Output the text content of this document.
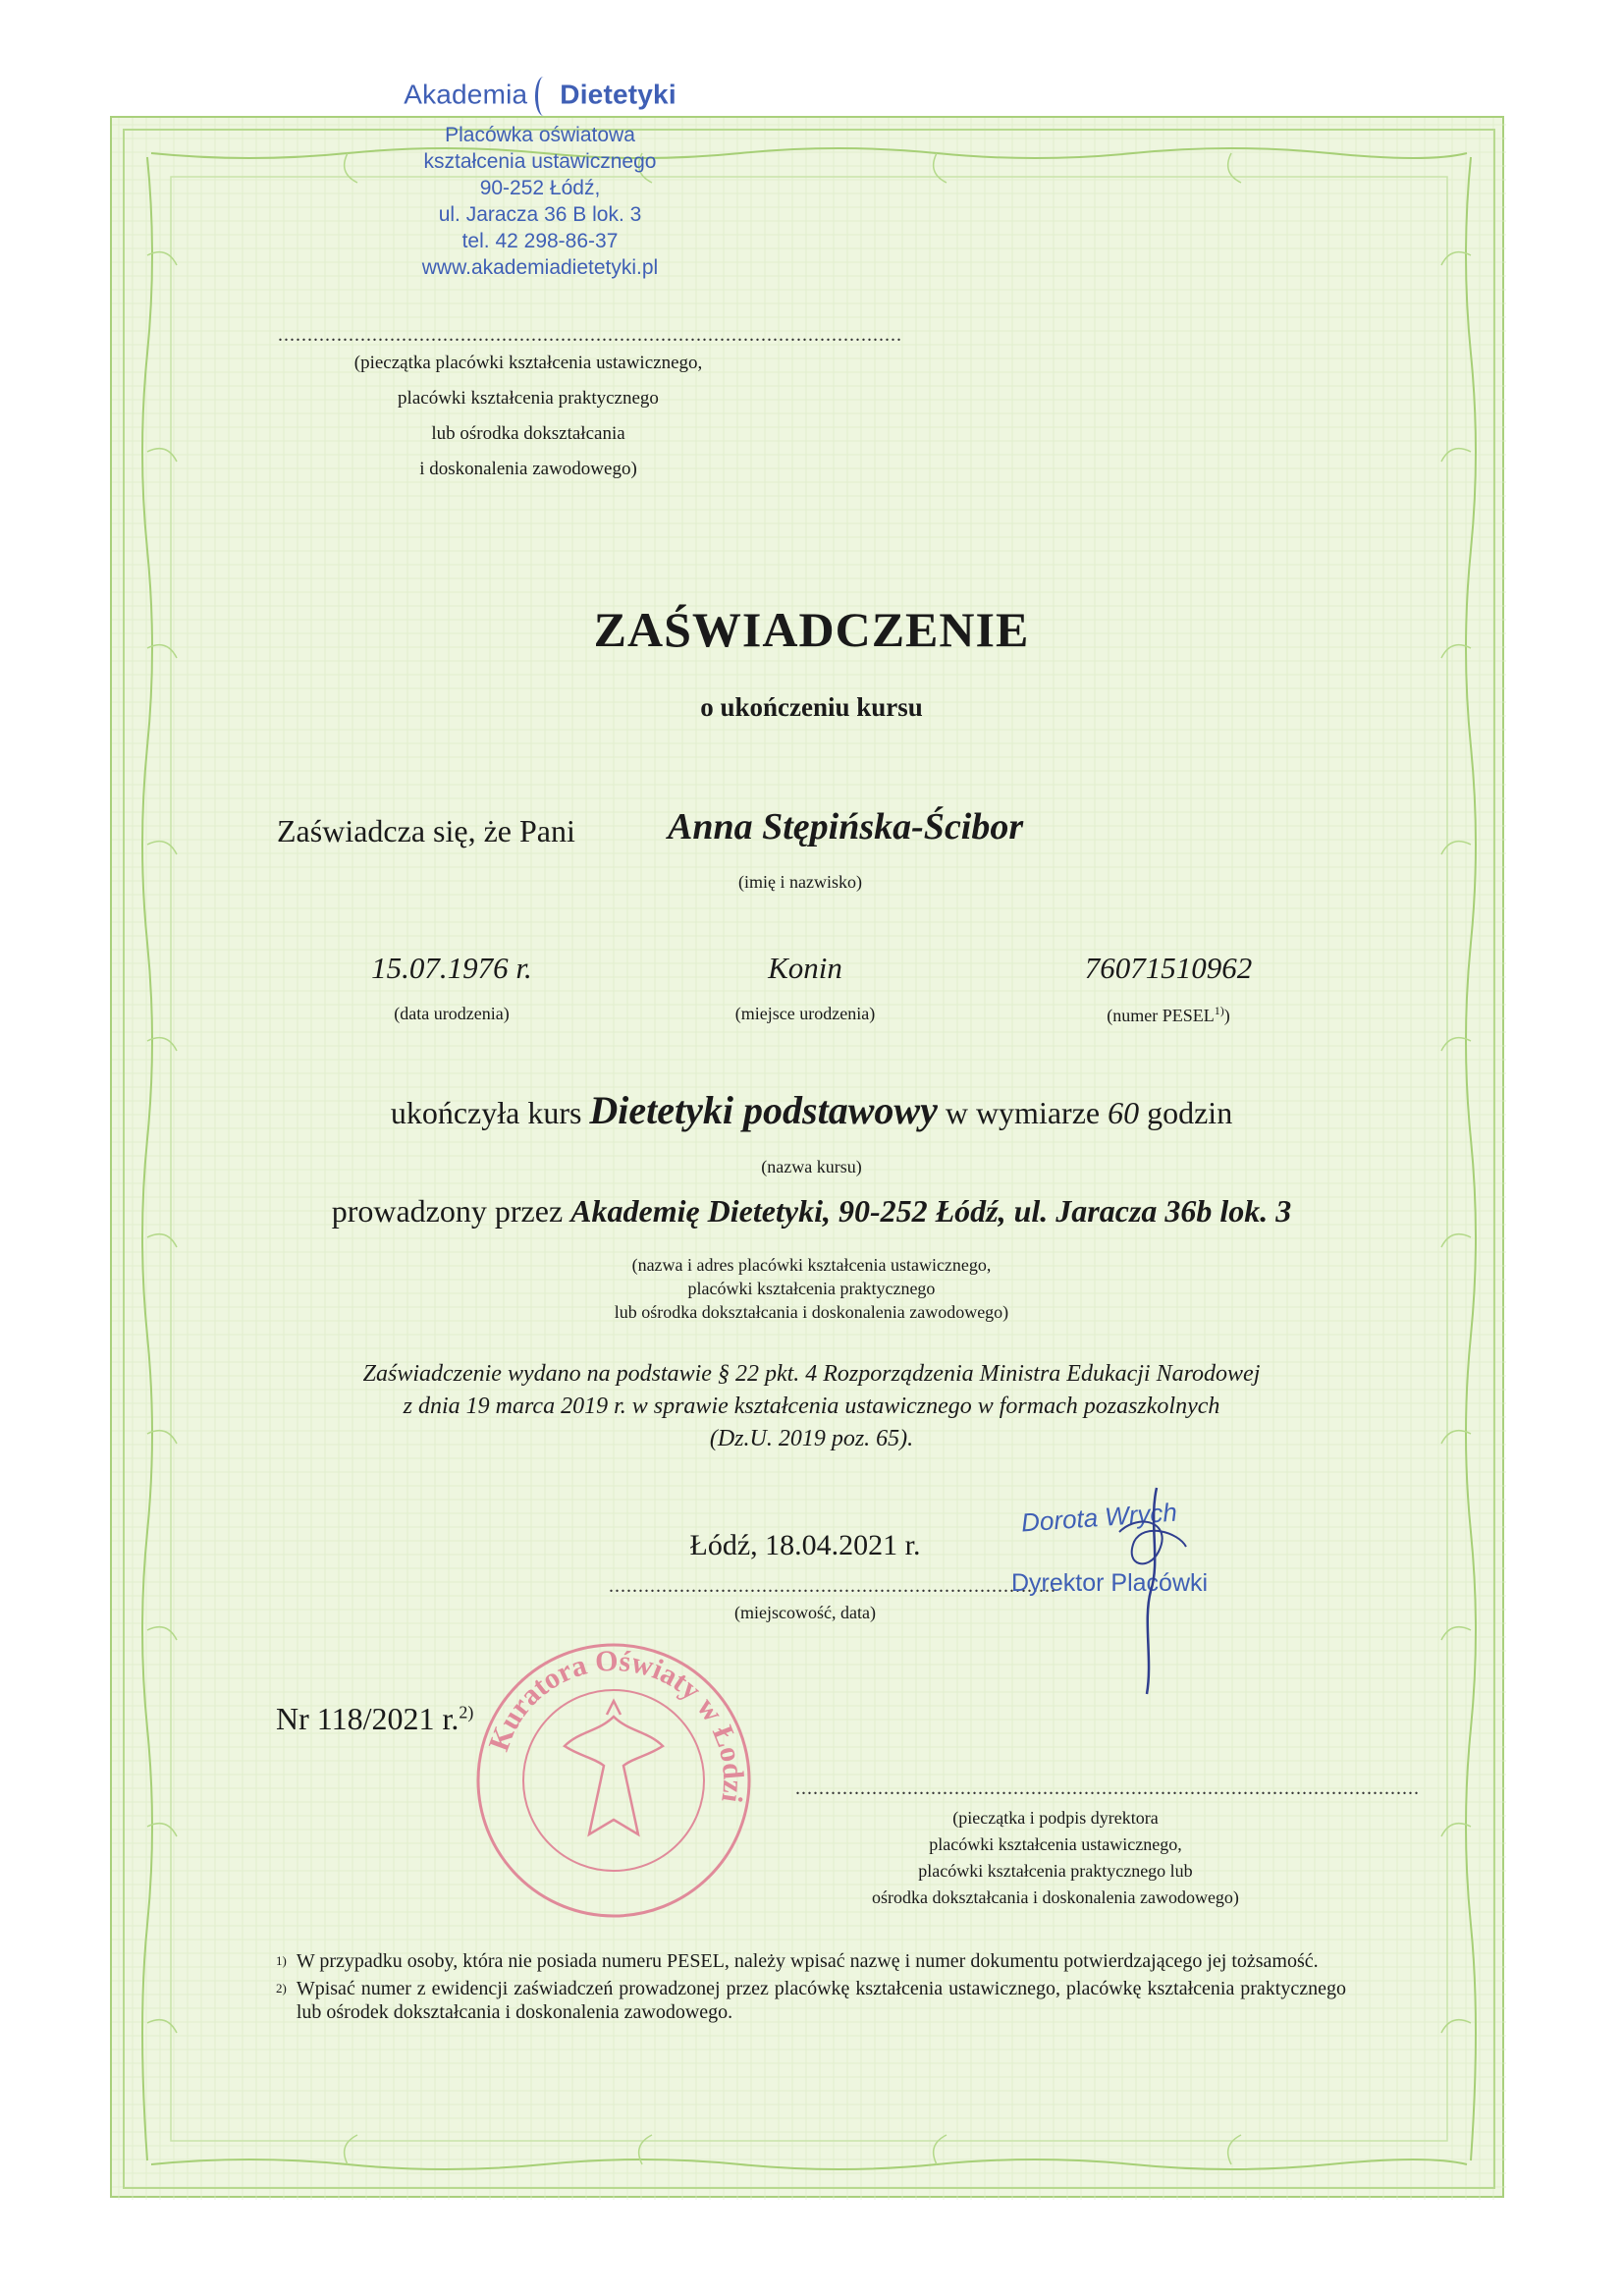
Akademia Dietetyki
Placówka oświatowa
kształcenia ustawicznego
90-252 Łódź,
ul. Jaracza 36 B lok. 3
tel. 42 298-86-37
www.akademiadietetyki.pl
..........................................................................................................
(pieczątka placówki kształcenia ustawicznego,
placówki kształcenia praktycznego
lub ośrodka dokształcania
i doskonalenia zawodowego)
ZAŚWIADCZENIE
o ukończeniu kursu
Zaświadcza się, że Pani Anna Stępińska-Ścibor
(imię i nazwisko)
15.07.1976 r.
(data urodzenia)
Konin
(miejsce urodzenia)
76071510962
(numer PESEL$^{1)}$)
ukończyła kurs Dietetyki podstawowy w wymiarze 60 godzin
(nazwa kursu)
prowadzony przez Akademię Dietetyki, 90-252 Łódź, ul. Jaracza 36b lok. 3
(nazwa i adres placówki kształcenia ustawicznego,
placówki kształcenia praktycznego
lub ośrodka dokształcania i doskonalenia zawodowego)
Zaświadczenie wydano na podstawie § 22 pkt. 4 Rozporządzenia Ministra Edukacji Narodowej
z dnia 19 marca 2019 r. w sprawie kształcenia ustawicznego w formach pozaszkolnych
(Dz.U. 2019 poz. 65).
Łódź, 18.04.2021 r.
............................................................................
(miejscowość, data)
Dorota Wrych
Dyrektor Placówki
Kuratora Oświaty w Łodzi
Nr 118/2021 r.$^{2)}$
..........................................................................................................
(pieczątka i podpis dyrektora
placówki kształcenia ustawicznego,
placówki kształcenia praktycznego lub
ośrodka dokształcania i doskonalenia zawodowego)
1) W przypadku osoby, która nie posiada numeru PESEL, należy wpisać nazwę i numer dokumentu potwierdzającego jej tożsamość.
2) Wpisać numer z ewidencji zaświadczeń prowadzonej przez placówkę kształcenia ustawicznego, placówkę kształcenia praktycznego lub ośrodek dokształcania i doskonalenia zawodowego.
